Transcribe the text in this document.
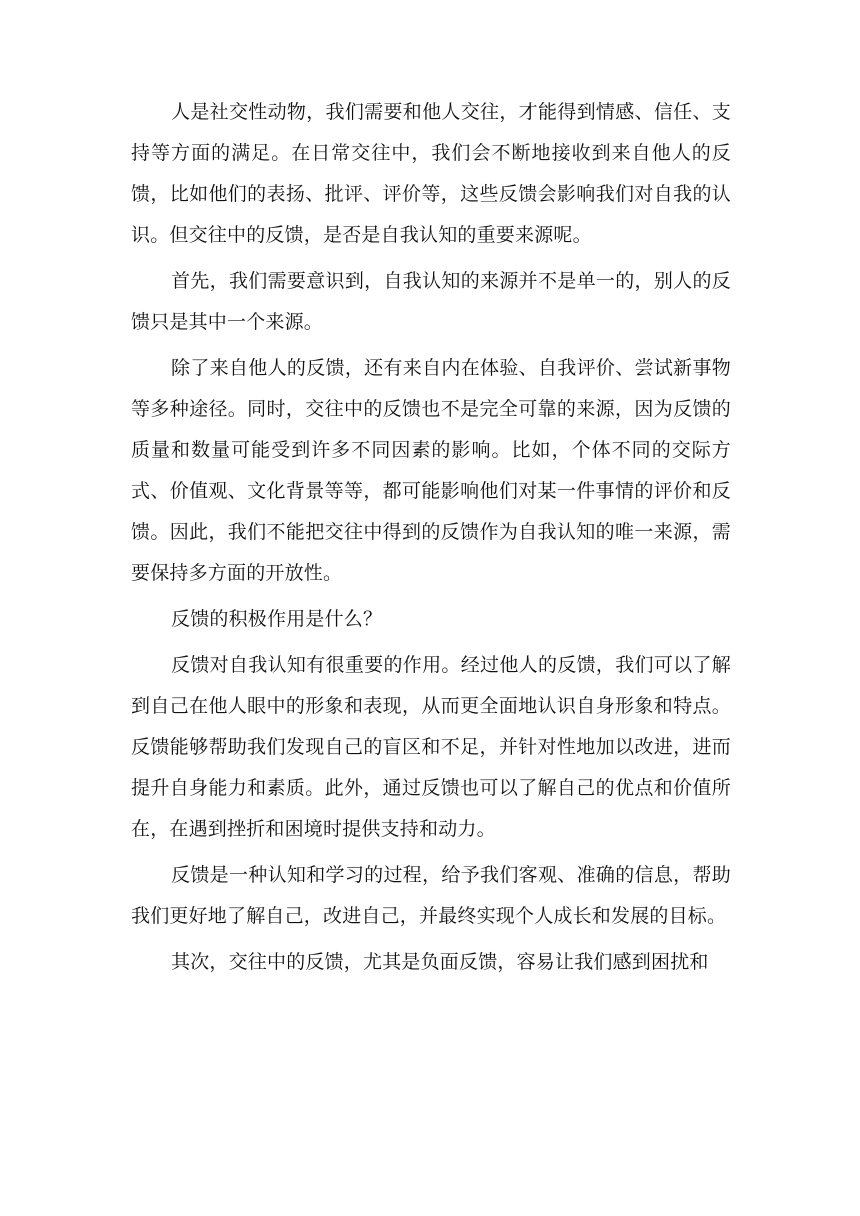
人是社交性动物，我们需要和他人交往，才能得到情感、信任、支持等方面的满足。在日常交往中，我们会不断地接收到来自他人的反馈，比如他们的表扬、批评、评价等，这些反馈会影响我们对自我的认识。但交往中的反馈，是否是自我认知的重要来源呢。

首先，我们需要意识到，自我认知的来源并不是单一的，别人的反馈只是其中一个来源。

除了来自他人的反馈，还有来自内在体验、自我评价、尝试新事物等多种途径。同时，交往中的反馈也不是完全可靠的来源，因为反馈的质量和数量可能受到许多不同因素的影响。比如，个体不同的交际方式、价值观、文化背景等等，都可能影响他们对某一件事情的评价和反馈。因此，我们不能把交往中得到的反馈作为自我认知的唯一来源，需要保持多方面的开放性。

反馈的积极作用是什么？

反馈对自我认知有很重要的作用。经过他人的反馈，我们可以了解到自己在他人眼中的形象和表现，从而更全面地认识自身形象和特点。反馈能够帮助我们发现自己的盲区和不足，并针对性地加以改进，进而提升自身能力和素质。此外，通过反馈也可以了解自己的优点和价值所在，在遇到挫折和困境时提供支持和动力。

反馈是一种认知和学习的过程，给予我们客观、准确的信息，帮助我们更好地了解自己，改进自己，并最终实现个人成长和发展的目标。

其次，交往中的反馈，尤其是负面反馈，容易让我们感到困扰和
